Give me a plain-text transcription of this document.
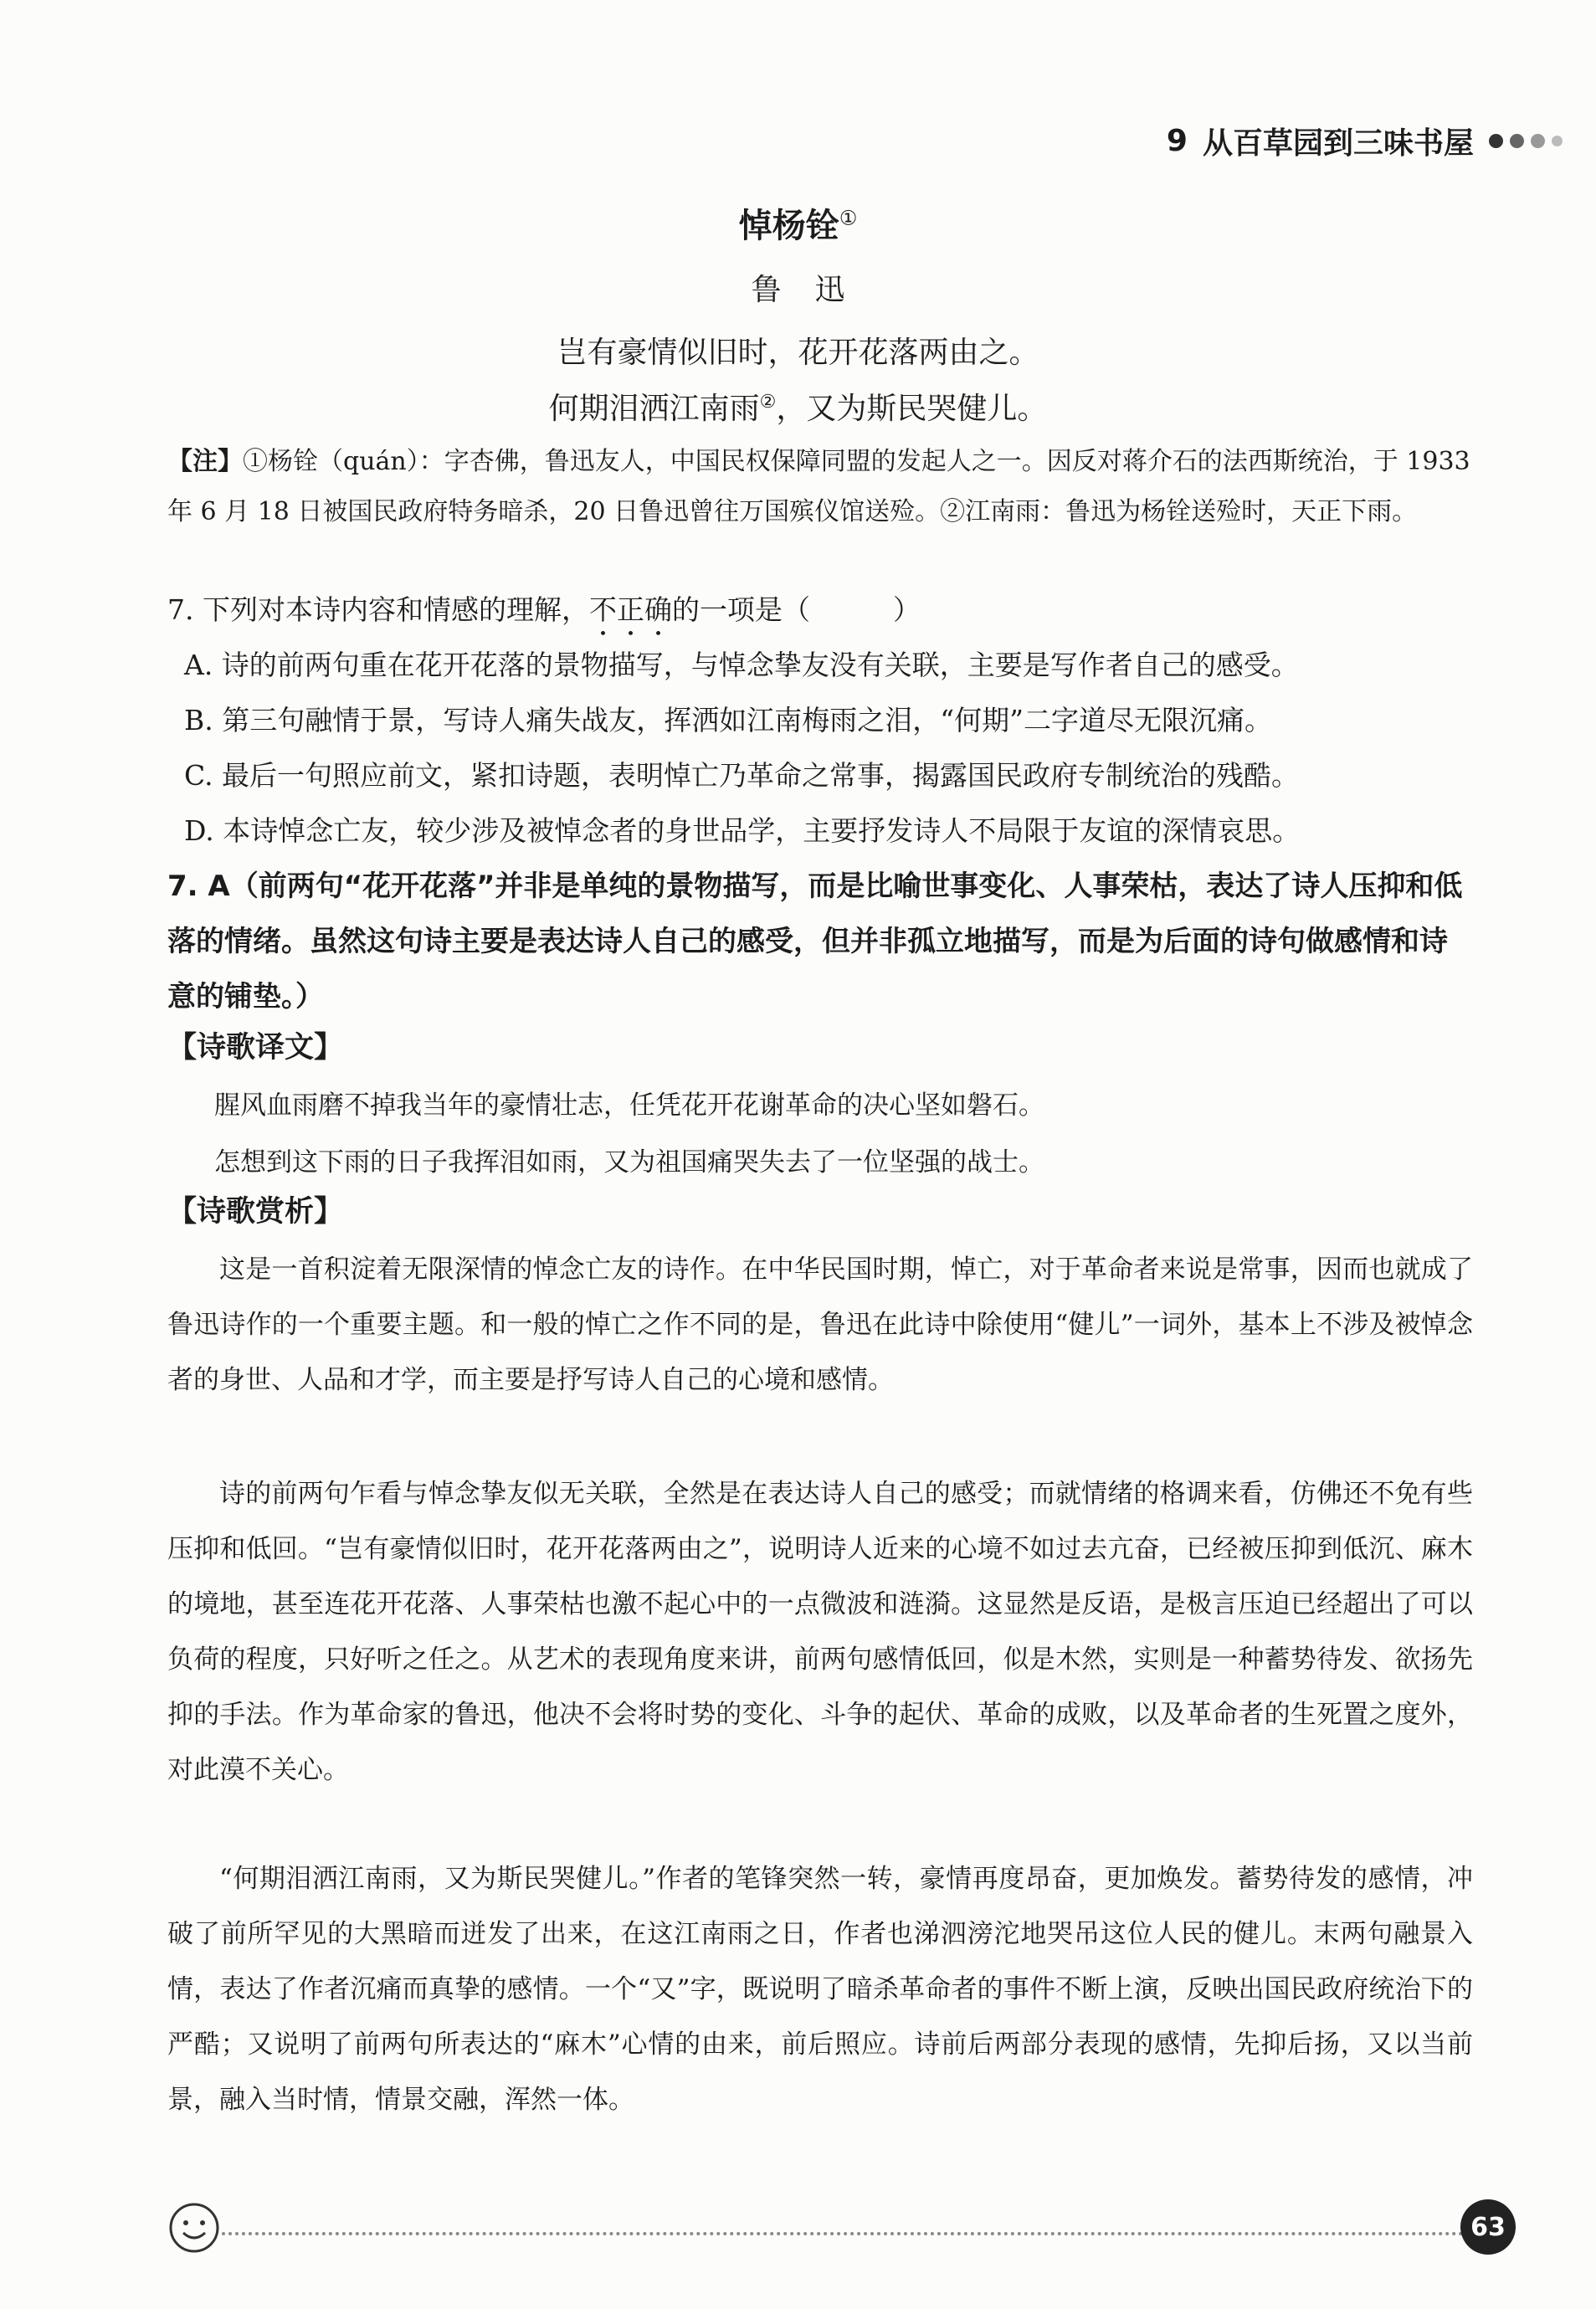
9 从百草园到三味书屋
悼杨铨①
鲁迅
岂有豪情似旧时，花开花落两由之。
何期泪洒江南雨②，又为斯民哭健儿。
【注】①杨铨（quán）：字杏佛，鲁迅友人，中国民权保障同盟的发起人之一。因反对蒋介石的法西斯统治，于 1933 年 6 月 18 日被国民政府特务暗杀，20 日鲁迅曾往万国殡仪馆送殓。②江南雨：鲁迅为杨铨送殓时，天正下雨。
7. 下列对本诗内容和情感的理解，不正确的一项是（　　　）
A. 诗的前两句重在花开花落的景物描写，与悼念挚友没有关联，主要是写作者自己的感受。
B. 第三句融情于景，写诗人痛失战友，挥洒如江南梅雨之泪，“何期”二字道尽无限沉痛。
C. 最后一句照应前文，紧扣诗题，表明悼亡乃革命之常事，揭露国民政府专制统治的残酷。
D. 本诗悼念亡友，较少涉及被悼念者的身世品学，主要抒发诗人不局限于友谊的深情哀思。
7. A（前两句“花开花落”并非是单纯的景物描写，而是比喻世事变化、人事荣枯，表达了诗人压抑和低落的情绪。虽然这句诗主要是表达诗人自己的感受，但并非孤立地描写，而是为后面的诗句做感情和诗意的铺垫。）
【诗歌译文】
腥风血雨磨不掉我当年的豪情壮志，任凭花开花谢革命的决心坚如磐石。
怎想到这下雨的日子我挥泪如雨，又为祖国痛哭失去了一位坚强的战士。
【诗歌赏析】
这是一首积淀着无限深情的悼念亡友的诗作。在中华民国时期，悼亡，对于革命者来说是常事，因而也就成了鲁迅诗作的一个重要主题。和一般的悼亡之作不同的是，鲁迅在此诗中除使用“健儿”一词外，基本上不涉及被悼念者的身世、人品和才学，而主要是抒写诗人自己的心境和感情。
诗的前两句乍看与悼念挚友似无关联，全然是在表达诗人自己的感受；而就情绪的格调来看，仿佛还不免有些压抑和低回。“岂有豪情似旧时，花开花落两由之”，说明诗人近来的心境不如过去亢奋，已经被压抑到低沉、麻木的境地，甚至连花开花落、人事荣枯也激不起心中的一点微波和涟漪。这显然是反语，是极言压迫已经超出了可以负荷的程度，只好听之任之。从艺术的表现角度来讲，前两句感情低回，似是木然，实则是一种蓄势待发、欲扬先抑的手法。作为革命家的鲁迅，他决不会将时势的变化、斗争的起伏、革命的成败，以及革命者的生死置之度外，对此漠不关心。
“何期泪洒江南雨，又为斯民哭健儿。”作者的笔锋突然一转，豪情再度昂奋，更加焕发。蓄势待发的感情，冲破了前所罕见的大黑暗而迸发了出来，在这江南雨之日，作者也涕泗滂沱地哭吊这位人民的健儿。末两句融景入情，表达了作者沉痛而真挚的感情。一个“又”字，既说明了暗杀革命者的事件不断上演，反映出国民政府统治下的严酷；又说明了前两句所表达的“麻木”心情的由来，前后照应。诗前后两部分表现的感情，先抑后扬，又以当前景，融入当时情，情景交融，浑然一体。
63
